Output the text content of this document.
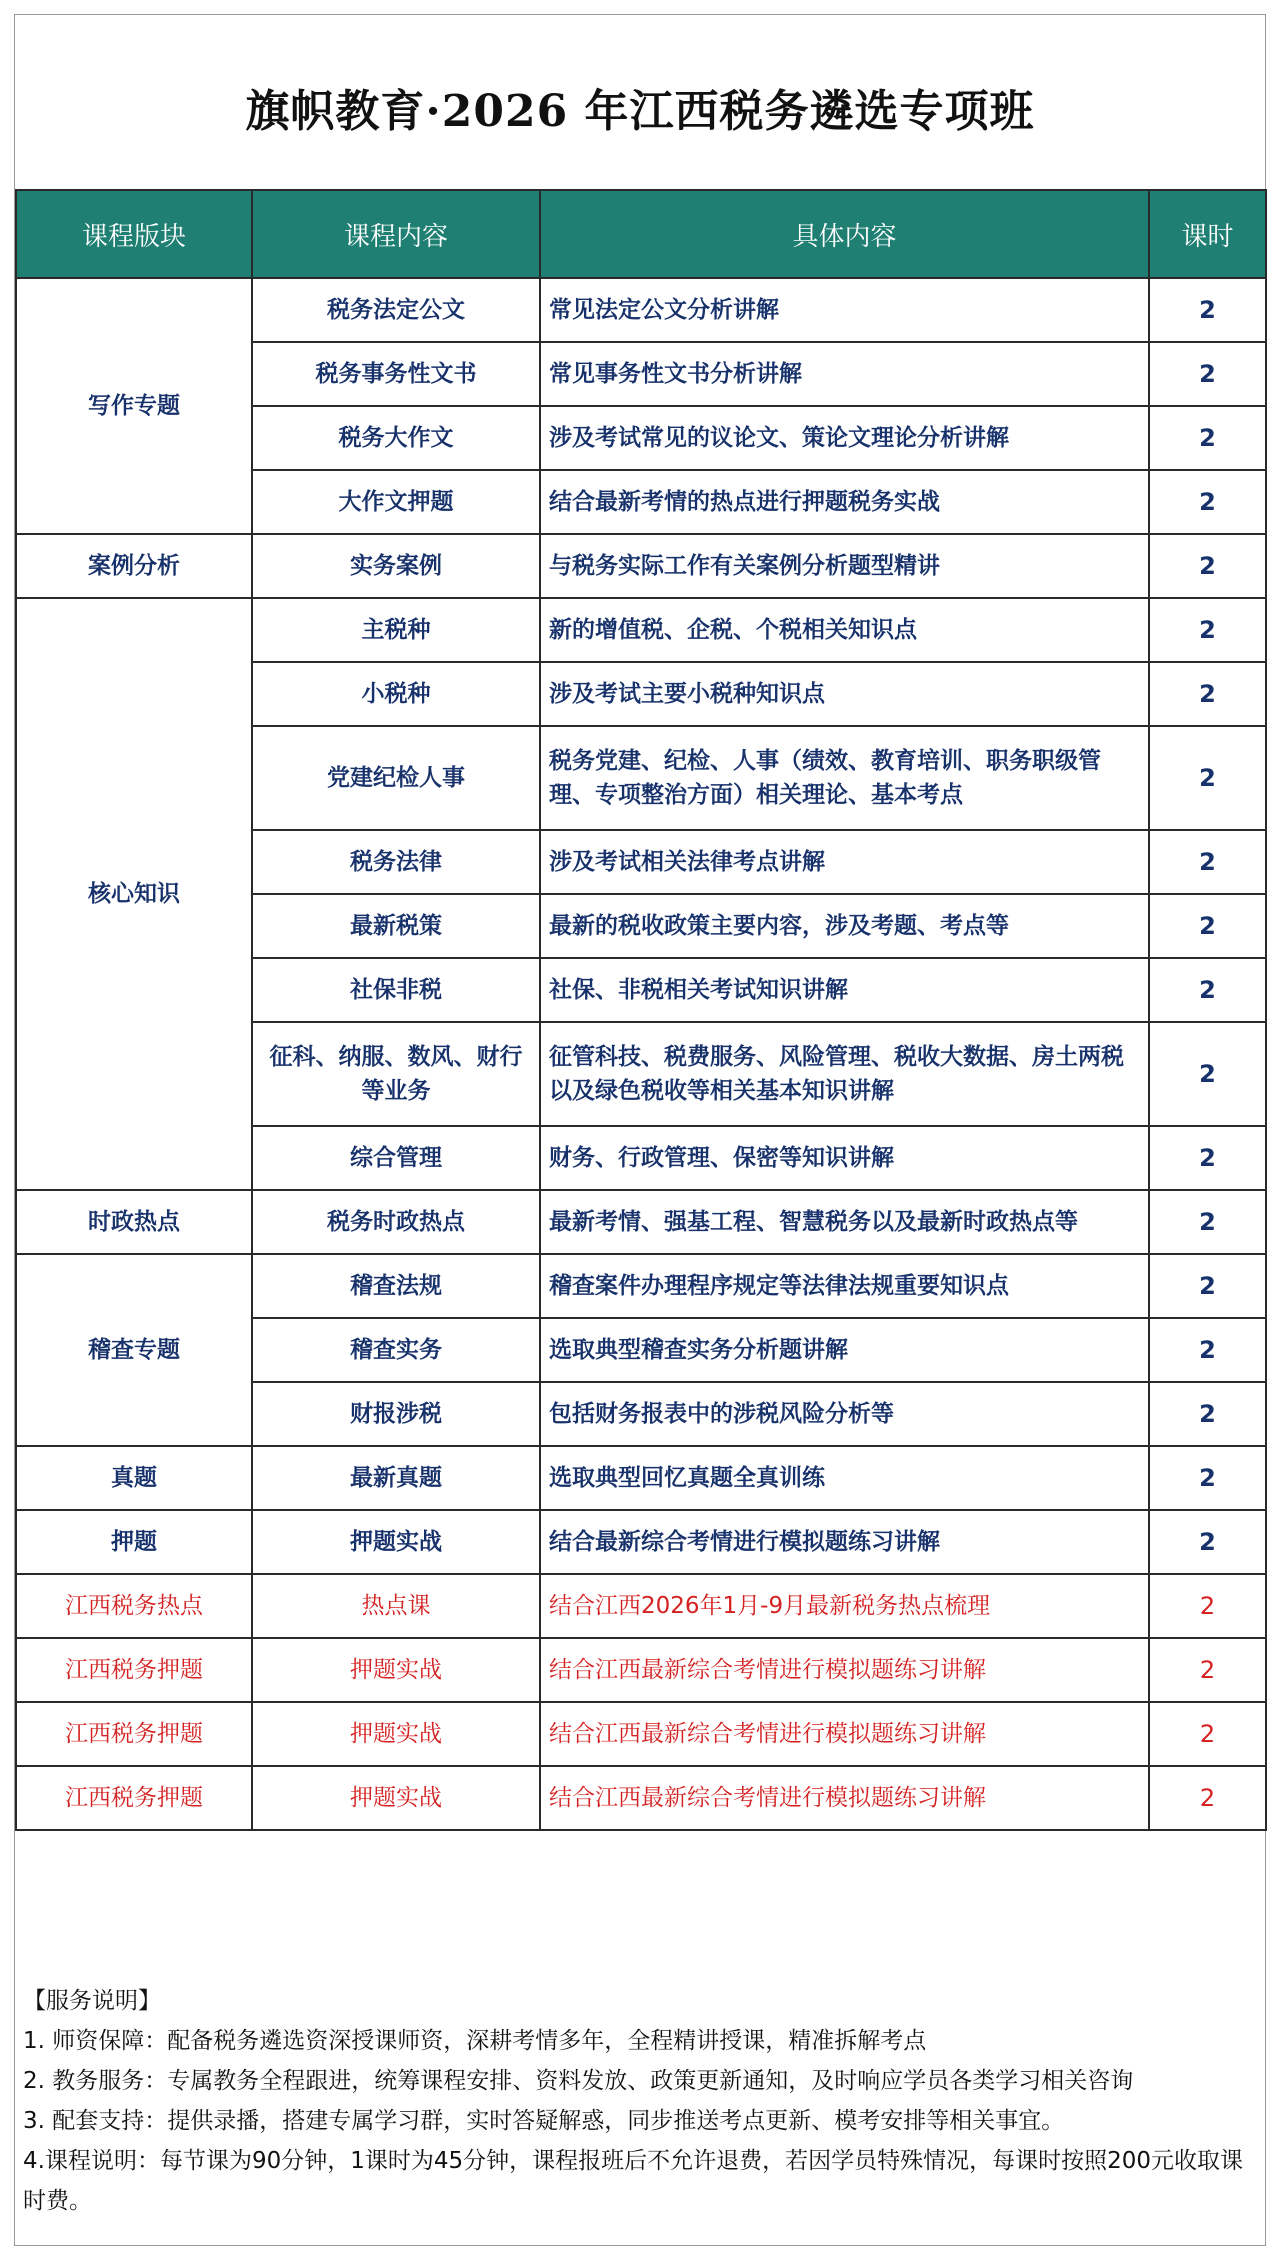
旗帜教育·2026 年江西税务遴选专项班
课程版块	课程内容	具体内容	课时
写作专题	税务法定公文	常见法定公文分析讲解	2
	税务事务性文书	常见事务性文书分析讲解	2
	税务大作文	涉及考试常见的议论文、策论文理论分析讲解	2
	大作文押题	结合最新考情的热点进行押题税务实战	2
案例分析	实务案例	与税务实际工作有关案例分析题型精讲	2
核心知识	主税种	新的增值税、企税、个税相关知识点	2
	小税种	涉及考试主要小税种知识点	2
	党建纪检人事	税务党建、纪检、人事（绩效、教育培训、职务职级管理、专项整治方面）相关理论、基本考点	2
	税务法律	涉及考试相关法律考点讲解	2
	最新税策	最新的税收政策主要内容，涉及考题、考点等	2
	社保非税	社保、非税相关考试知识讲解	2
	征科、纳服、数风、财行等业务	征管科技、税费服务、风险管理、税收大数据、房土两税以及绿色税收等相关基本知识讲解	2
	综合管理	财务、行政管理、保密等知识讲解	2
时政热点	税务时政热点	最新考情、强基工程、智慧税务以及最新时政热点等	2
稽查专题	稽查法规	稽查案件办理程序规定等法律法规重要知识点	2
	稽查实务	选取典型稽查实务分析题讲解	2
	财报涉税	包括财务报表中的涉税风险分析等	2
真题	最新真题	选取典型回忆真题全真训练	2
押题	押题实战	结合最新综合考情进行模拟题练习讲解	2
江西税务热点	热点课	结合江西2026年1月-9月最新税务热点梳理	2
江西税务押题	押题实战	结合江西最新综合考情进行模拟题练习讲解	2
江西税务押题	押题实战	结合江西最新综合考情进行模拟题练习讲解	2
江西税务押题	押题实战	结合江西最新综合考情进行模拟题练习讲解	2
【服务说明】
1. 师资保障：配备税务遴选资深授课师资，深耕考情多年，全程精讲授课，精准拆解考点
2. 教务服务：专属教务全程跟进，统筹课程安排、资料发放、政策更新通知，及时响应学员各类学习相关咨询
3. 配套支持：提供录播，搭建专属学习群，实时答疑解惑，同步推送考点更新、模考安排等相关事宜。
4.课程说明：每节课为90分钟，1课时为45分钟，课程报班后不允许退费，若因学员特殊情况，每课时按照200元收取课时费。
